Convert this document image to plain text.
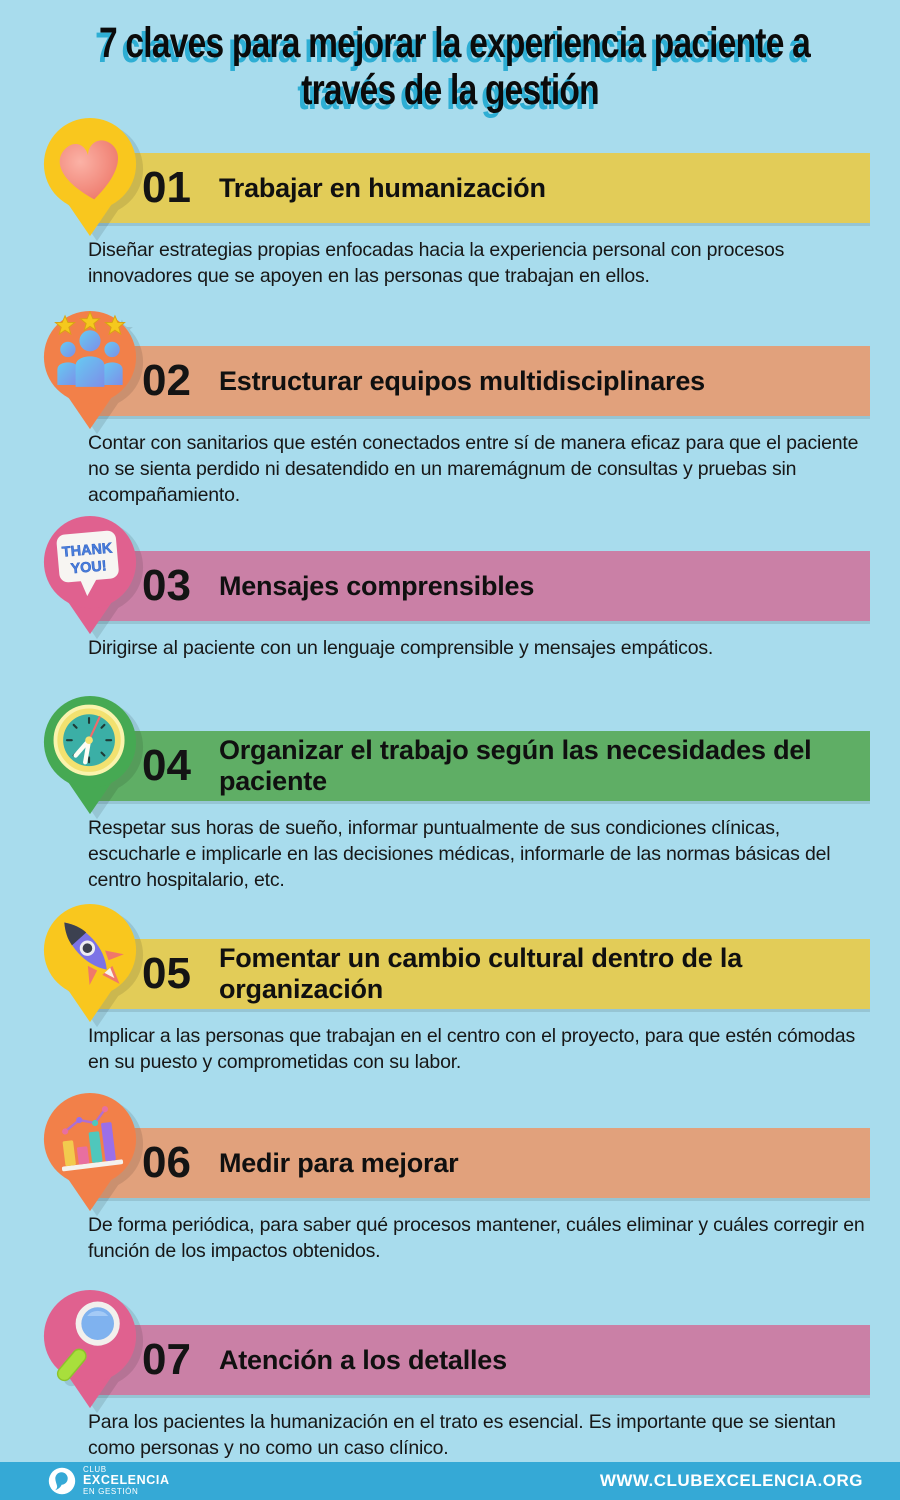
7 claves para mejorar la experiencia paciente a
través de la gestión
01 Trabajar en humanización

Diseñar estrategias propias enfocadas hacia la experiencia personal con procesos innovadores que se apoyen en las personas que trabajan en ellos.

02 Estructurar equipos multidisciplinares

Contar con sanitarios que estén conectados entre sí de manera eficaz para que el paciente no se sienta perdido ni desatendido en un maremágnum de consultas y pruebas sin acompañamiento.

03 Mensajes comprensibles
THANK
YOU!

Dirigirse al paciente con un lenguaje comprensible y mensajes empáticos.

04 Organizar el trabajo según las necesidades del paciente

Respetar sus horas de sueño, informar puntualmente de sus condiciones clínicas, escucharle e implicarle en las decisiones médicas, informarle de las normas básicas del centro hospitalario, etc.

05 Fomentar un cambio cultural dentro de la organización

Implicar a las personas que trabajan en el centro con el proyecto, para que estén cómodas en su puesto y comprometidas con su labor.

06 Medir para mejorar

De forma periódica, para saber qué procesos mantener, cuáles eliminar y cuáles corregir en función de los impactos obtenidos.

07 Atención a los detalles

Para los pacientes la humanización en el trato es esencial. Es importante que se sientan como personas y no como un caso clínico.

CLUB
EXCELENCIA
EN GESTIÓN
WWW.CLUBEXCELENCIA.ORG
